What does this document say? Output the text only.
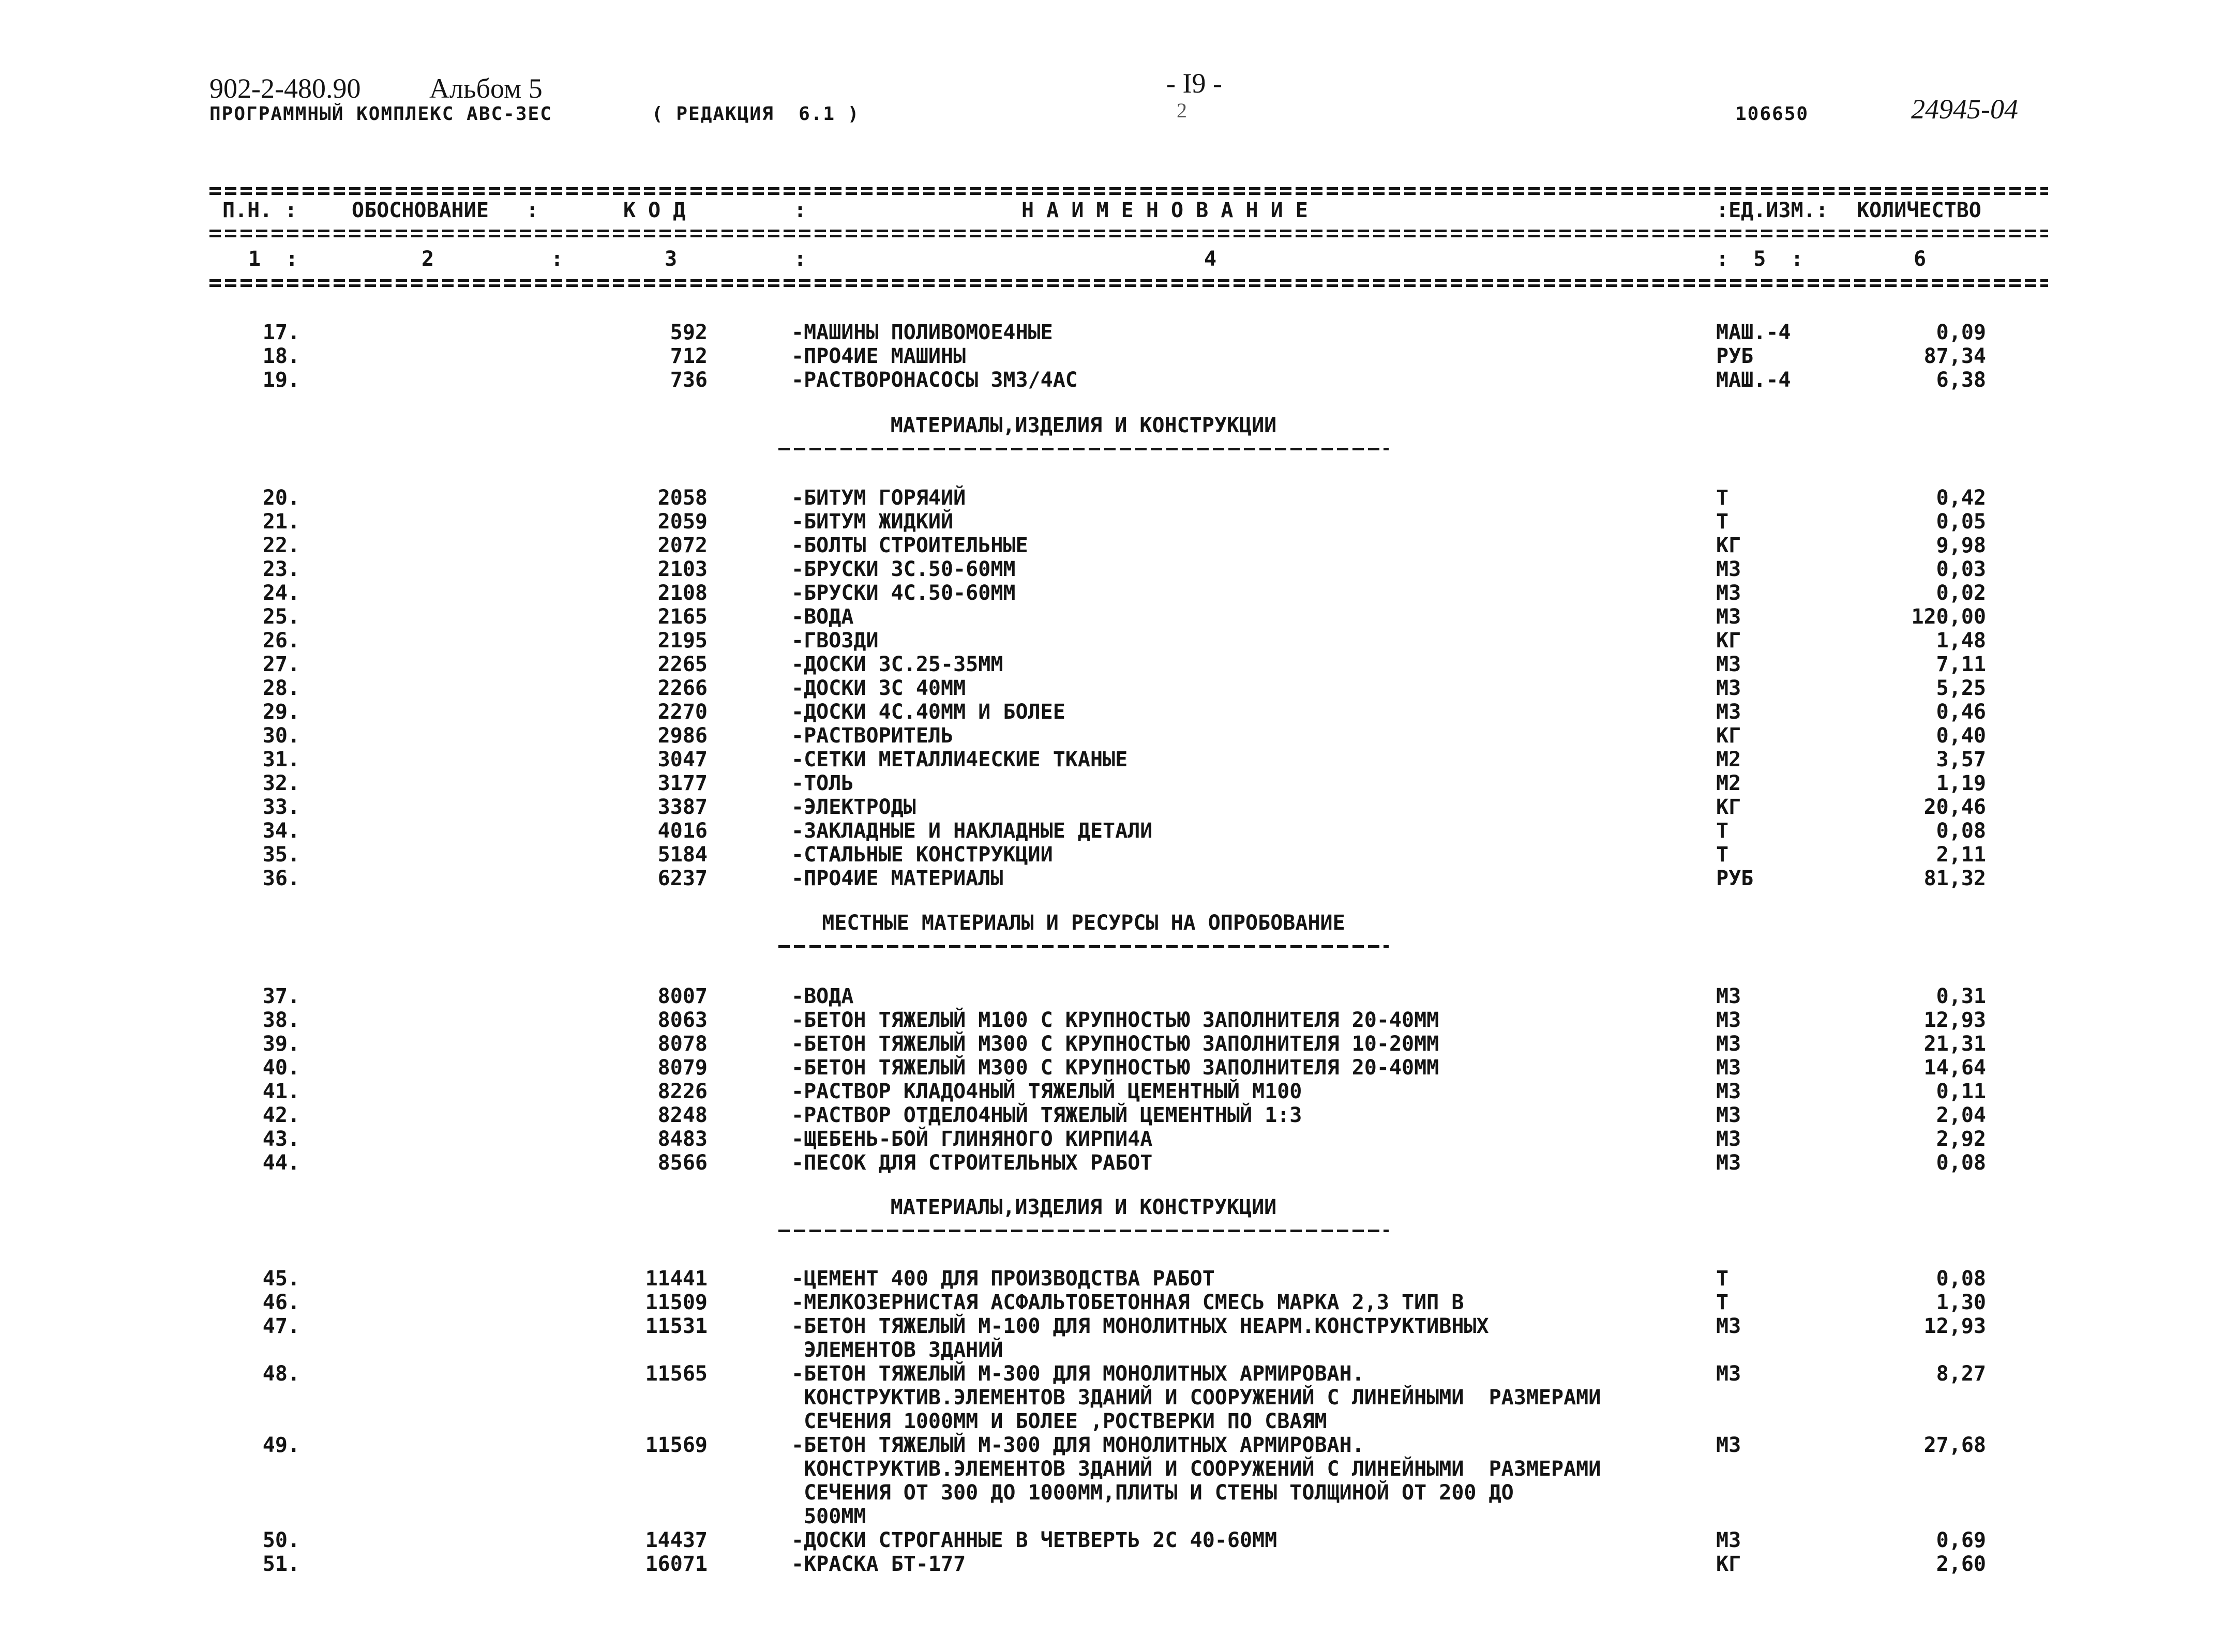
902-2-480.90 Альбом 5
ПРОГРАММНЫЙ КОМПЛЕКС АВС-3ЕС	( РЕДАКЦИЯ  6.1 )
- I9 -
2	106650	24945-04
П.Н. :	ОБОСНОВАНИЕ   :	К О Д	:	Н А И М Е Н О В А Н И Е	:ЕД.ИЗМ.: КОЛИЧЕСТВО
1  :	2	:	3	:	4	:  5  :	6
17.	592	-МАШИНЫ ПОЛИВОМОЕ4НЫЕ	МАШ.-4	0,09
18.	712	-ПРО4ИЕ МАШИНЫ	РУБ	87,34
19.	736	-РАСТВОРОНАСОСЫ 3М3/4АС	МАШ.-4	6,38
МАТЕРИАЛЫ,ИЗДЕЛИЯ И КОНСТРУКЦИИ
20.	2058	-БИТУМ ГОРЯ4ИЙ	Т	0,42
21.	2059	-БИТУМ ЖИДКИЙ	Т	0,05
22.	2072	-БОЛТЫ СТРОИТЕЛЬНЫЕ	КГ	9,98
23.	2103	-БРУСКИ 3С.50-60ММ	М3	0,03
24.	2108	-БРУСКИ 4С.50-60ММ	М3	0,02
25.	2165	-ВОДА	М3	120,00
26.	2195	-ГВОЗДИ	КГ	1,48
27.	2265	-ДОСКИ 3С.25-35ММ	М3	7,11
28.	2266	-ДОСКИ 3С 40ММ	М3	5,25
29.	2270	-ДОСКИ 4С.40ММ И БОЛЕЕ	М3	0,46
30.	2986	-РАСТВОРИТЕЛЬ	КГ	0,40
31.	3047	-СЕТКИ МЕТАЛЛИ4ЕСКИЕ ТКАНЫЕ	М2	3,57
32.	3177	-ТОЛЬ	М2	1,19
33.	3387	-ЭЛЕКТРОДЫ	КГ	20,46
34.	4016	-ЗАКЛАДНЫЕ И НАКЛАДНЫЕ ДЕТАЛИ	Т	0,08
35.	5184	-СТАЛЬНЫЕ КОНСТРУКЦИИ	Т	2,11
36.	6237	-ПРО4ИЕ МАТЕРИАЛЫ	РУБ	81,32
МЕСТНЫЕ МАТЕРИАЛЫ И РЕСУРСЫ НА ОПРОБОВАНИЕ
37.	8007	-ВОДА	М3	0,31
38.	8063	-БЕТОН ТЯЖЕЛЫЙ М100 С КРУПНОСТЬЮ ЗАПОЛНИТЕЛЯ 20-40ММ	М3	12,93
39.	8078	-БЕТОН ТЯЖЕЛЫЙ М300 С КРУПНОСТЬЮ ЗАПОЛНИТЕЛЯ 10-20ММ	М3	21,31
40.	8079	-БЕТОН ТЯЖЕЛЫЙ М300 С КРУПНОСТЬЮ ЗАПОЛНИТЕЛЯ 20-40ММ	М3	14,64
41.	8226	-РАСТВОР КЛАДО4НЫЙ ТЯЖЕЛЫЙ ЦЕМЕНТНЫЙ М100	М3	0,11
42.	8248	-РАСТВОР ОТДЕЛО4НЫЙ ТЯЖЕЛЫЙ ЦЕМЕНТНЫЙ 1:3	М3	2,04
43.	8483	-ЩЕБЕНЬ-БОЙ ГЛИНЯНОГО КИРПИ4А	М3	2,92
44.	8566	-ПЕСОК ДЛЯ СТРОИТЕЛЬНЫХ РАБОТ	М3	0,08
МАТЕРИАЛЫ,ИЗДЕЛИЯ И КОНСТРУКЦИИ
45.	11441	-ЦЕМЕНТ 400 ДЛЯ ПРОИЗВОДСТВА РАБОТ	Т	0,08
46.	11509	-МЕЛКОЗЕРНИСТАЯ АСФАЛЬТОБЕТОННАЯ СМЕСЬ МАРКА 2,3 ТИП В	Т	1,30
47.	11531	-БЕТОН ТЯЖЕЛЫЙ М-100 ДЛЯ МОНОЛИТНЫХ НЕАРМ.КОНСТРУКТИВНЫХ	М3	12,93
ЭЛЕМЕНТОВ ЗДАНИЙ
48.	11565	-БЕТОН ТЯЖЕЛЫЙ М-300 ДЛЯ МОНОЛИТНЫХ АРМИРОВАН.	М3	8,27
КОНСТРУКТИВ.ЭЛЕМЕНТОВ ЗДАНИЙ И СООРУЖЕНИЙ С ЛИНЕЙНЫМИ  РАЗМЕРАМИ
СЕЧЕНИЯ 1000ММ И БОЛЕЕ ,РОСТВЕРКИ ПО СВАЯМ
49.	11569	-БЕТОН ТЯЖЕЛЫЙ М-300 ДЛЯ МОНОЛИТНЫХ АРМИРОВАН.	М3	27,68
КОНСТРУКТИВ.ЭЛЕМЕНТОВ ЗДАНИЙ И СООРУЖЕНИЙ С ЛИНЕЙНЫМИ  РАЗМЕРАМИ
СЕЧЕНИЯ ОТ 300 ДО 1000ММ,ПЛИТЫ И СТЕНЫ ТОЛЩИНОЙ ОТ 200 ДО
500ММ
50.	14437	-ДОСКИ СТРОГАННЫЕ В ЧЕТВЕРТЬ 2С 40-60ММ	М3	0,69
51.	16071	-КРАСКА БТ-177	КГ	2,60
